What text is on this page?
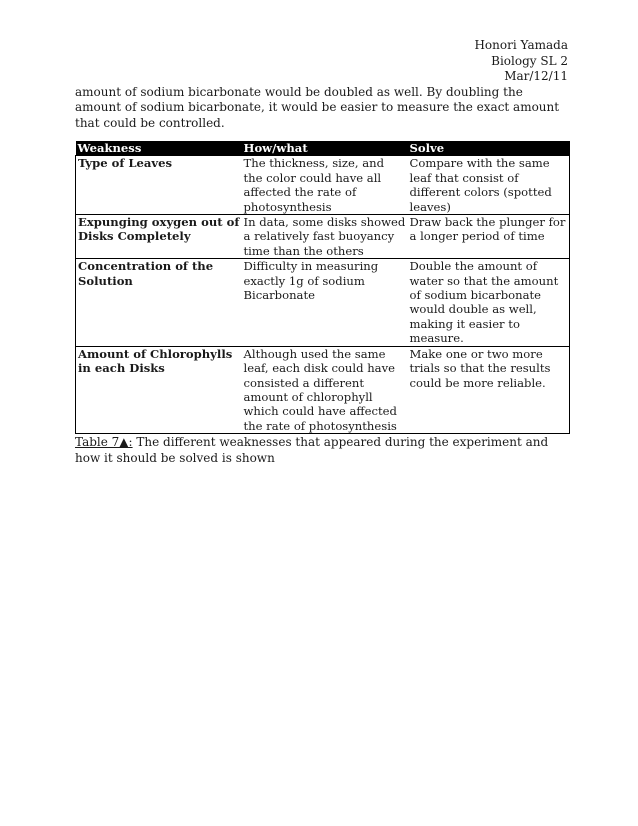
Honori Yamada
Biology SL 2
Mar/12/11

amount of sodium bicarbonate would be doubled as well. By doubling the amount of sodium bicarbonate, it would be easier to measure the exact amount that could be controlled.

Weakness	How/what	Solve
Type of Leaves	The thickness, size, and the color could have all affected the rate of photosynthesis	Compare with the same leaf that consist of different colors (spotted leaves)
Expunging oxygen out of Disks Completely	In data, some disks showed a relatively fast buoyancy time than the others	Draw back the plunger for a longer period of time
Concentration of the Solution	Difficulty in measuring exactly 1g of sodium Bicarbonate	Double the amount of water so that the amount of sodium bicarbonate would double as well, making it easier to measure.
Amount of Chlorophylls in each Disks	Although used the same leaf, each disk could have consisted a different amount of chlorophyll which could have affected the rate of photosynthesis	Make one or two more trials so that the results could be more reliable.
Table 7▲: The different weaknesses that appeared during the experiment and how it should be solved is shown
